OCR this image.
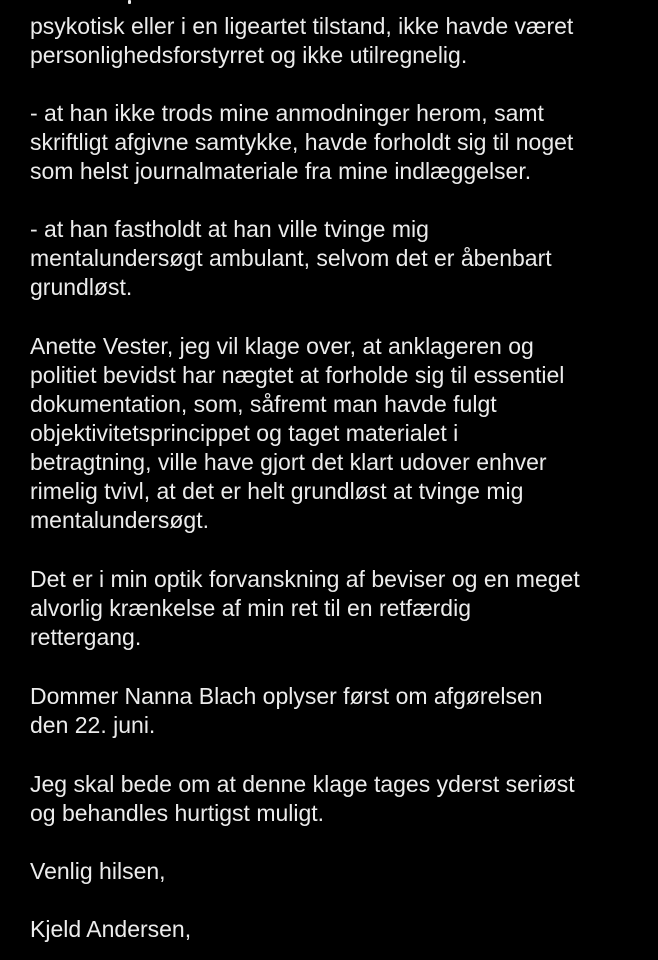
psykotisk eller i en ligeartet tilstand, ikke havde været
personlighedsforstyrret og ikke utilregnelig.

- at han ikke trods mine anmodninger herom, samt
skriftligt afgivne samtykke, havde forholdt sig til noget
som helst journalmateriale fra mine indlæggelser.

- at han fastholdt at han ville tvinge mig
mentalundersøgt ambulant, selvom det er åbenbart
grundløst.

Anette Vester, jeg vil klage over, at anklageren og
politiet bevidst har nægtet at forholde sig til essentiel
dokumentation, som, såfremt man havde fulgt
objektivitetsprincippet og taget materialet i
betragtning, ville have gjort det klart udover enhver
rimelig tvivl, at det er helt grundløst at tvinge mig
mentalundersøgt.

Det er i min optik forvanskning af beviser og en meget
alvorlig krænkelse af min ret til en retfærdig
rettergang.

Dommer Nanna Blach oplyser først om afgørelsen
den 22. juni.

Jeg skal bede om at denne klage tages yderst seriøst
og behandles hurtigst muligt.

Venlig hilsen,

Kjeld Andersen,
